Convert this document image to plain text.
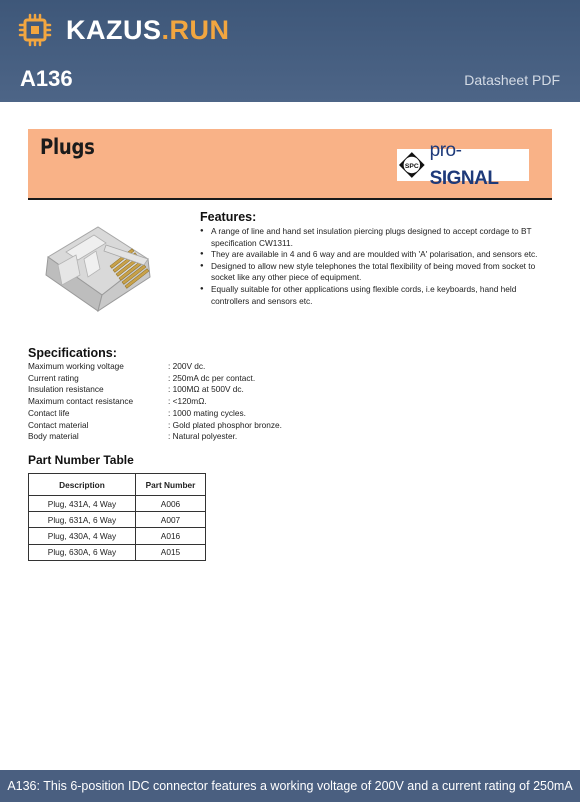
KAZUS.RUN
A136	Datasheet PDF
Plugs
SPC
pro-SIGNAL
Features:
● A range of line and hand set insulation piercing plugs designed to accept cordage to BT specification CW1311.
● They are available in 4 and 6 way and are moulded with 'A' polarisation, and sensors etc.
● Designed to allow new style telephones the total flexibility of being moved from socket to socket like any other piece of equipment.
● Equally suitable for other applications using flexible cords, i.e keyboards, hand held controllers and sensors etc.
Specifications:
Maximum working voltage	: 200V dc.
Current rating	: 250mA dc per contact.
Insulation resistance	: 100MΩ at 500V dc.
Maximum contact resistance	: <120mΩ.
Contact life	: 1000 mating cycles.
Contact material	: Gold plated phosphor bronze.
Body material	: Natural polyester.
Part Number Table
Description	Part Number
Plug, 431A, 4 Way	A006
Plug, 631A, 6 Way	A007
Plug, 430A, 4 Way	A016
Plug, 630A, 6 Way	A015
A136: This 6-position IDC connector features a working voltage of 200V and a current rating of 250mA
